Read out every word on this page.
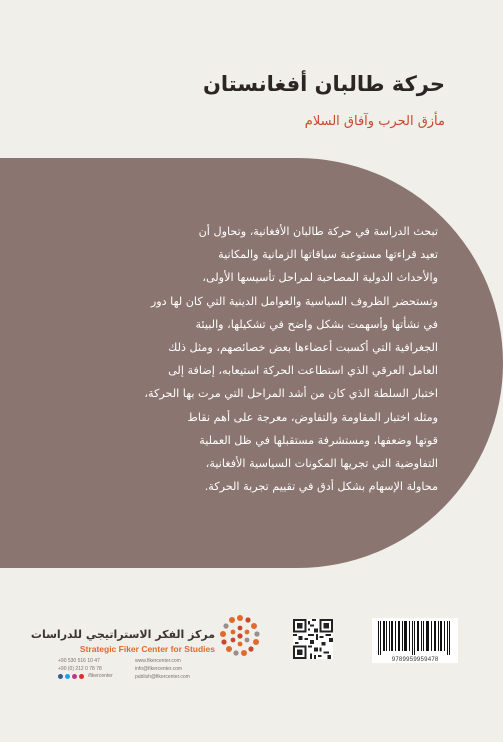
حركة طالبان أفغانستان
مأزق الحرب وآفاق السلام

تبحث الدراسة في حركة طالبان الأفغانية، وتحاول أن

تعيد قراءتها مستوعبة سياقاتها الزمانية والمكانية

والأحداث الدولية المصاحبة لمراحل تأسيسها الأولى،

وتستحضر الظروف السياسية والعوامل الدينية التي كان لها دور

في نشأتها وأسهمت بشكل واضح في تشكيلها، والبيئة

الجغرافية التي أكسبت أعضاءها بعض خصائصهم، ومثل ذلك

العامل العرقي الذي استطاعت الحركة استيعابه، إضافة إلى

اختبار السلطة الذي كان من أشد المراحل التي مرت بها الحركة،

ومثله اختبار المقاومة والتفاوض، معرجة على أهم نقاط

قوتها وضعفها، ومستشرفة مستقبلها في ظل العملية

التفاوضية التي تجريها المكونات السياسية الأفغانية،

محاولة الإسهام بشكل أدق في تقييم تجربة الحركة.

مركز الفكر الاستراتيجي للدراسات
Strategic Fiker Center for Studies
+90 530 516 10 47
+90 (0) 212 0 78 78
www.fikercenter.com
info@fikercenter.com
publish@fikercenter.com
/fikercenter
9789959959478
